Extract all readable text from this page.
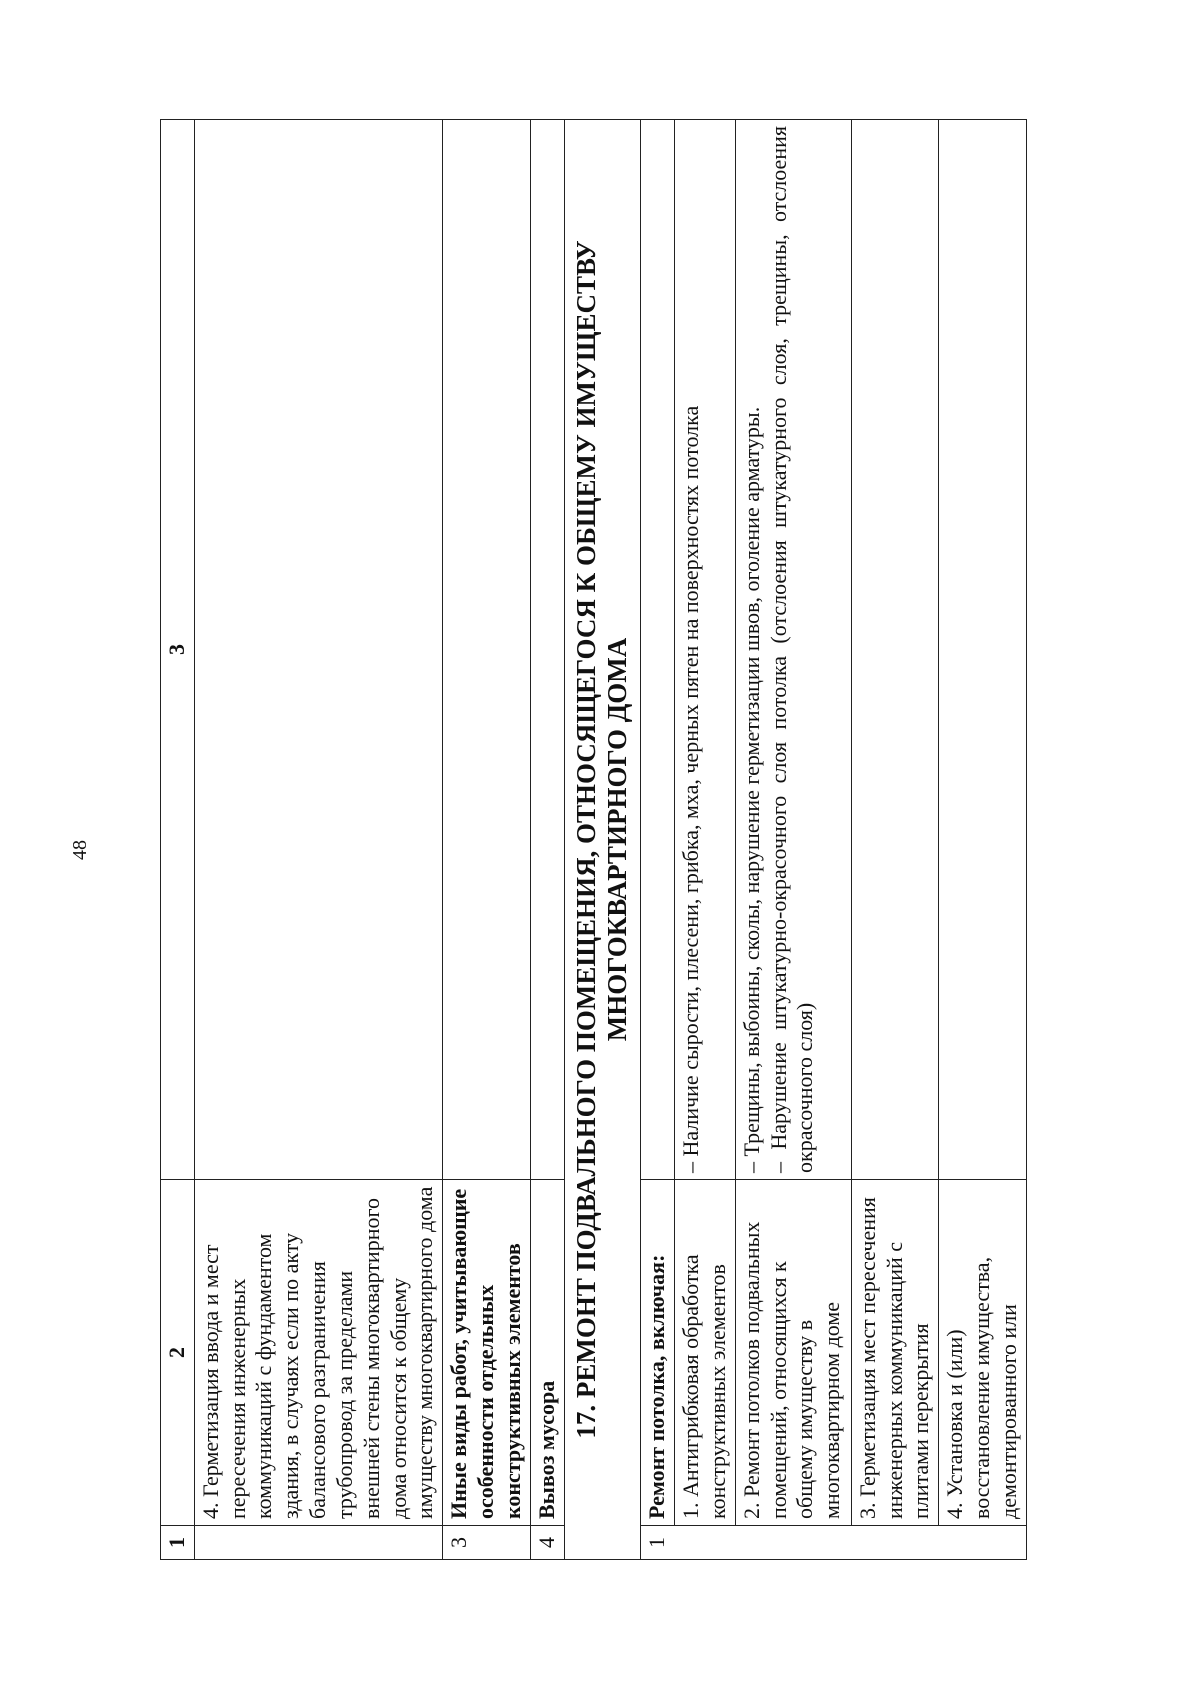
48
1	2	3
	4. Герметизация ввода и мест пересечения инженерных коммуникаций с фундаментом здания, в случаях если по акту балансового разграничения трубопровод за пределами внешней стены многоквартирного дома относится к общему имуществу многоквартирного дома	
3	Иные виды работ, учитывающие особенности отдельных конструктивных элементов	
4	Вывоз мусора	
17. РЕМОНТ ПОДВАЛЬНОГО ПОМЕЩЕНИЯ, ОТНОСЯЩЕГОСЯ К ОБЩЕМУ ИМУЩЕСТВУ МНОГОКВАРТИРНОГО ДОМА		
1	Ремонт потолка, включая:	
	1. Антигрибковая обработка конструктивных элементов	– Наличие сырости, плесени, грибка, мха, черных пятен на поверхностях потолка

	2. Ремонт потолков подвальных помещений, относящихся к общему имуществу в многоквартирном доме	– Трещины, выбоины, сколы, нарушение герметизации швов, оголение арматуры. – Нарушение штукатурно-окрасочного слоя потолка (отслоения штукатурного слоя, трещины, отслоения окрасочного слоя)

	3. Герметизация мест пересечения инженерных коммуникаций с плитами перекрытия	
	4. Установка и (или) восстановление имущества, демонтированного или	
